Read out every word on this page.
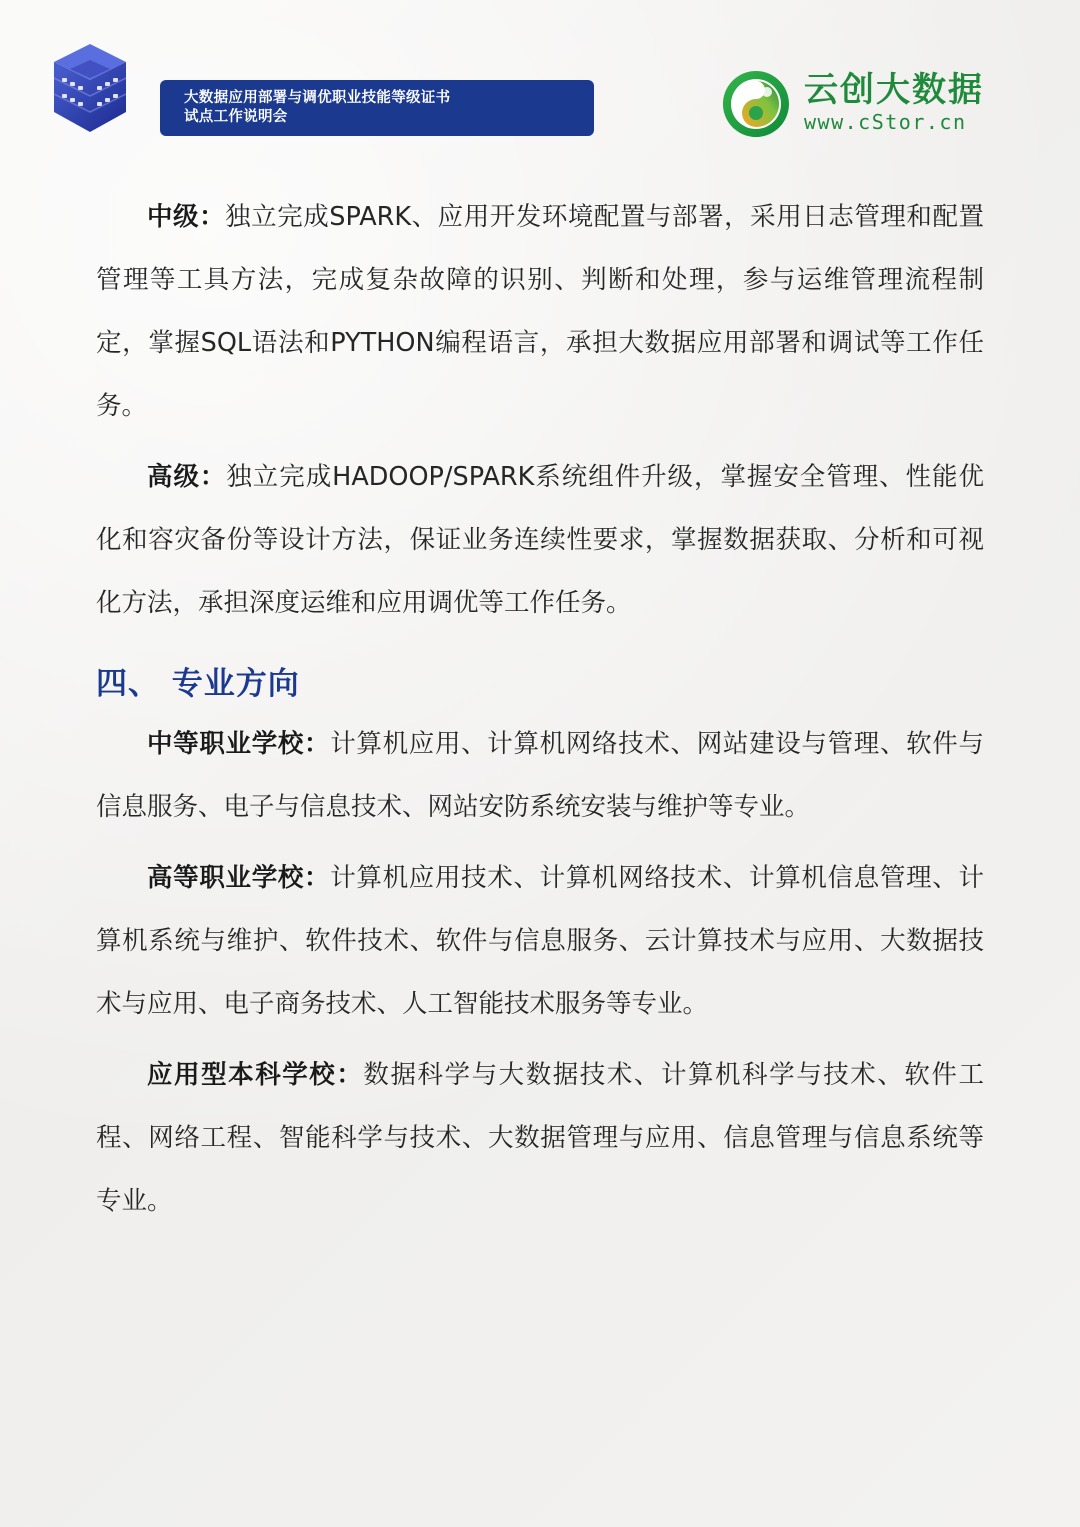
大数据应用部署与调优职业技能等级证书
试点工作说明会
云创大数据
www.cStor.cn

中级：独立完成SPARK、应用开发环境配置与部署，采用日志管理和配置管理等工具方法，完成复杂故障的识别、判断和处理，参与运维管理流程制定，掌握SQL语法和PYTHON编程语言，承担大数据应用部署和调试等工作任务。

高级：独立完成HADOOP/SPARK系统组件升级，掌握安全管理、性能优化和容灾备份等设计方法，保证业务连续性要求，掌握数据获取、分析和可视化方法，承担深度运维和应用调优等工作任务。

四、 专业方向

中等职业学校：计算机应用、计算机网络技术、网站建设与管理、软件与信息服务、电子与信息技术、网站安防系统安装与维护等专业。

高等职业学校：计算机应用技术、计算机网络技术、计算机信息管理、计算机系统与维护、软件技术、软件与信息服务、云计算技术与应用、大数据技术与应用、电子商务技术、人工智能技术服务等专业。

应用型本科学校：数据科学与大数据技术、计算机科学与技术、软件工程、网络工程、智能科学与技术、大数据管理与应用、信息管理与信息系统等专业。
